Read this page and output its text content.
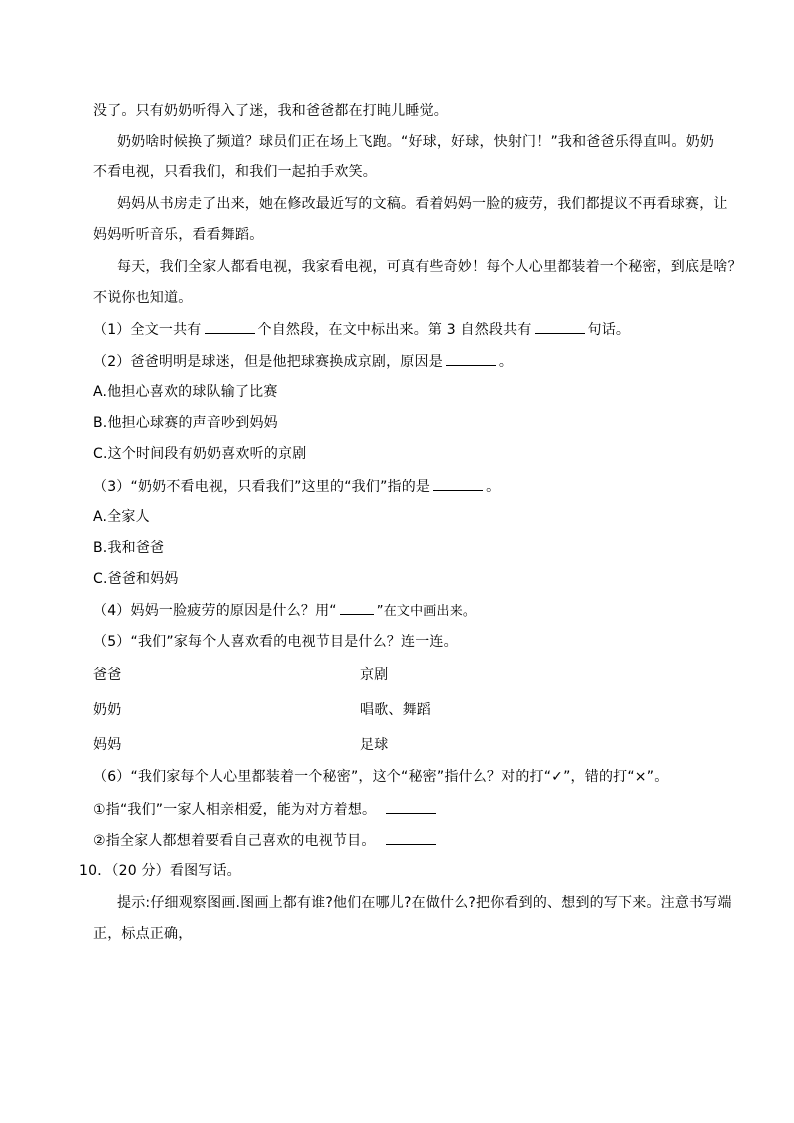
没了。只有奶奶听得入了迷，我和爸爸都在打盹儿睡觉。
奶奶啥时候换了频道？球员们正在场上飞跑。“好球，好球，快射门！”我和爸爸乐得直叫。奶奶
不看电视，只看我们，和我们一起拍手欢笑。
妈妈从书房走了出来，她在修改最近写的文稿。看着妈妈一脸的疲劳，我们都提议不再看球赛，让
妈妈听听音乐，看看舞蹈。
每天，我们全家人都看电视，我家看电视，可真有些奇妙！每个人心里都装着一个秘密，到底是啥？
不说你也知道。
（1）全文一共有	个自然段，在文中标出来。第 3 自然段共有	句话。
（2）爸爸明明是球迷，但是他把球赛换成京剧，原因是	。
A.他担心喜欢的球队输了比赛
B.他担心球赛的声音吵到妈妈
C.这个时间段有奶奶喜欢听的京剧
（3）“奶奶不看电视，只看我们”这里的“我们”指的是	。
A.全家人
B.我和爸爸
C.爸爸和妈妈
（4）妈妈一脸疲劳的原因是什么？用“	”在文中画出来。
（5）“我们”家每个人喜欢看的电视节目是什么？连一连。
爸爸	京剧
奶奶	唱歌、舞蹈
妈妈	足球
（6）“我们家每个人心里都装着一个秘密”，这个“秘密”指什么？对的打“✓”，错的打“×”。
①指“我们”一家人相亲相爱，能为对方着想。
②指全家人都想着要看自己喜欢的电视节目。
10．（20 分）看图写话。
提示:仔细观察图画.图画上都有谁?他们在哪儿?在做什么?把你看到的、想到的写下来。注意书写端
正，标点正确，
